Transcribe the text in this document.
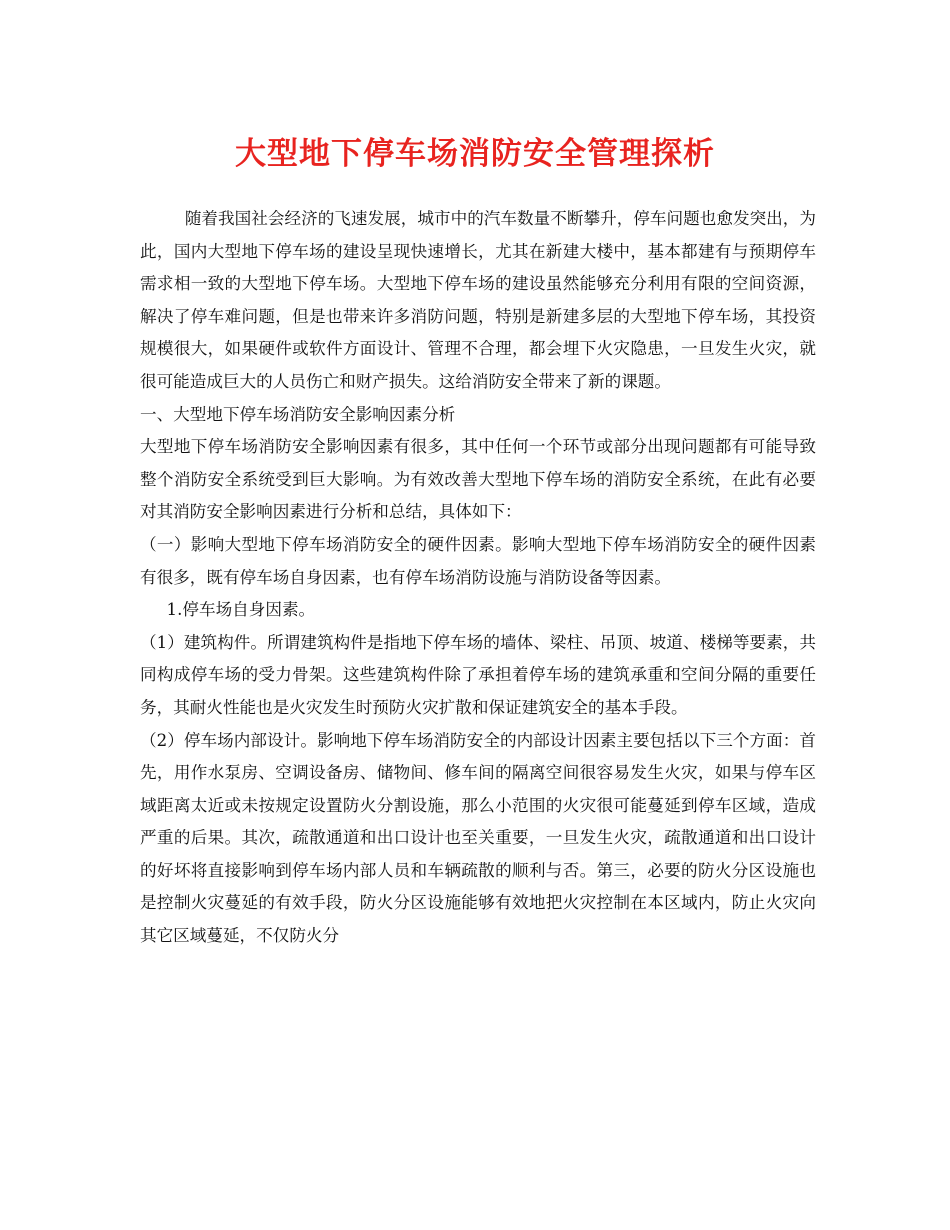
大型地下停车场消防安全管理探析

随着我国社会经济的飞速发展，城市中的汽车数量不断攀升，停车问题也愈发突出，为此，国内大型地下停车场的建设呈现快速增长，尤其在新建大楼中，基本都建有与预期停车需求相一致的大型地下停车场。大型地下停车场的建设虽然能够充分利用有限的空间资源，解决了停车难问题，但是也带来许多消防问题，特别是新建多层的大型地下停车场，其投资规模很大，如果硬件或软件方面设计、管理不合理，都会埋下火灾隐患，一旦发生火灾，就很可能造成巨大的人员伤亡和财产损失。这给消防安全带来了新的课题。

一、大型地下停车场消防安全影响因素分析

大型地下停车场消防安全影响因素有很多，其中任何一个环节或部分出现问题都有可能导致整个消防安全系统受到巨大影响。为有效改善大型地下停车场的消防安全系统，在此有必要对其消防安全影响因素进行分析和总结，具体如下：

（一）影响大型地下停车场消防安全的硬件因素。影响大型地下停车场消防安全的硬件因素有很多，既有停车场自身因素，也有停车场消防设施与消防设备等因素。

1.停车场自身因素。

（1）建筑构件。所谓建筑构件是指地下停车场的墙体、梁柱、吊顶、坡道、楼梯等要素，共同构成停车场的受力骨架。这些建筑构件除了承担着停车场的建筑承重和空间分隔的重要任务，其耐火性能也是火灾发生时预防火灾扩散和保证建筑安全的基本手段。

（2）停车场内部设计。影响地下停车场消防安全的内部设计因素主要包括以下三个方面：首先，用作水泵房、空调设备房、储物间、修车间的隔离空间很容易发生火灾，如果与停车区域距离太近或未按规定设置防火分割设施，那么小范围的火灾很可能蔓延到停车区域，造成严重的后果。其次，疏散通道和出口设计也至关重要，一旦发生火灾，疏散通道和出口设计的好坏将直接影响到停车场内部人员和车辆疏散的顺利与否。第三，必要的防火分区设施也是控制火灾蔓延的有效手段，防火分区设施能够有效地把火灾控制在本区域内，防止火灾向其它区域蔓延，不仅防火分
